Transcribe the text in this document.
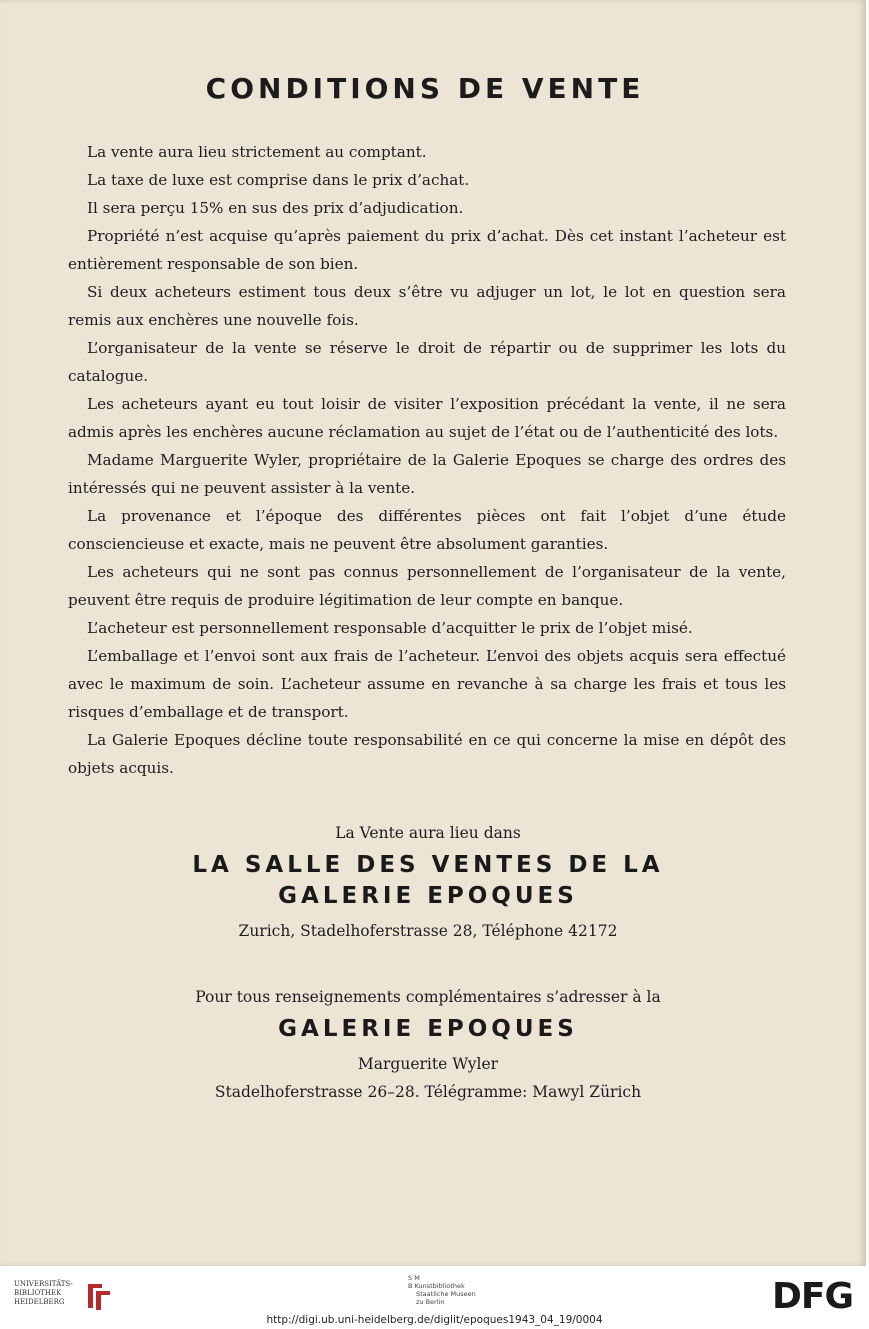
CONDITIONS DE VENTE

La vente aura lieu strictement au comptant.

La taxe de luxe est comprise dans le prix d’achat.

Il sera perçu 15% en sus des prix d’adjudication.

Propriété n’est acquise qu’après paiement du prix d’achat. Dès cet instant l’acheteur est entièrement responsable de son bien.

Si deux acheteurs estiment tous deux s’être vu adjuger un lot, le lot en question sera remis aux enchères une nouvelle fois.

L’organisateur de la vente se réserve le droit de répartir ou de supprimer les lots du catalogue.

Les acheteurs ayant eu tout loisir de visiter l’exposition précédant la vente, il ne sera admis après les enchères aucune réclamation au sujet de l’état ou de l’authenticité des lots.

Madame Marguerite Wyler, propriétaire de la Galerie Epoques se charge des ordres des intéressés qui ne peuvent assister à la vente.

La provenance et l’époque des différentes pièces ont fait l’objet d’une étude consciencieuse et exacte, mais ne peuvent être absolument garanties.

Les acheteurs qui ne sont pas connus personnellement de l’organisateur de la vente, peuvent être requis de produire légitimation de leur compte en banque.

L’acheteur est personnellement responsable d’acquitter le prix de l’objet misé.

L’emballage et l’envoi sont aux frais de l’acheteur. L’envoi des objets acquis sera effectué avec le maximum de soin. L’acheteur assume en revanche à sa charge les frais et tous les risques d’emballage et de transport.

La Galerie Epoques décline toute responsabilité en ce qui concerne la mise en dépôt des objets acquis.

La Vente aura lieu dans
LA SALLE DES VENTES DE LA
GALERIE EPOQUES
Zurich, Stadelhoferstrasse 28, Téléphone 42172
Pour tous renseignements complémentaires s’adresser à la
GALERIE EPOQUES
Marguerite Wyler
Stadelhoferstrasse 26–28. Télégramme: Mawyl Zürich
UNIVERSITÄTS-
BIBLIOTHEK
HEIDELBERG
S M
B Kunstbibliothek
Staatliche Museen
zu Berlin	DFG
http://digi.ub.uni-heidelberg.de/diglit/epoques1943_04_19/0004
